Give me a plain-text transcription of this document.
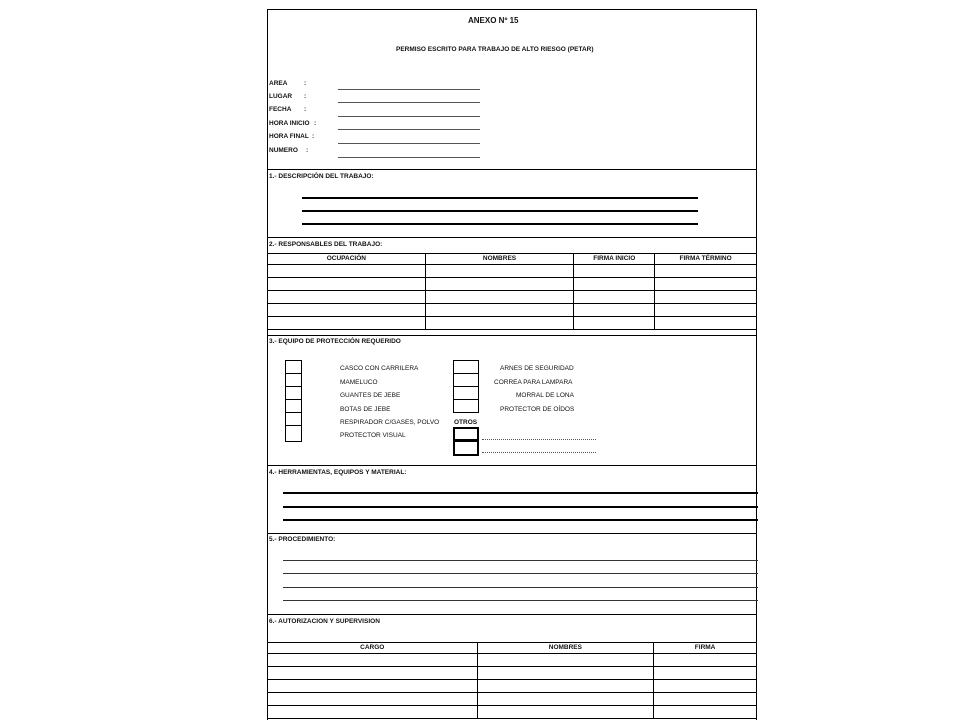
ANEXO Nº 15
PERMISO ESCRITO PARA TRABAJO DE ALTO RIESGO (PETAR)
AREA	:
LUGAR :
FECHA :
HORA INICIO :
HORA FINAL :
NUMERO :
1.- DESCRIPCIÓN DEL TRABAJO:
2.- RESPONSABLES DEL TRABAJO:
OCUPACIÓN	NOMBRES	FIRMA INICIO	FIRMA TÉRMINO

3.- EQUIPO DE PROTECCIÓN REQUERIDO
CASCO CON CARRILERA
MAMELUCO
GUANTES DE JEBE
BOTAS DE JEBE
RESPIRADOR C/GASES, POLVO
PROTECTOR VISUAL
ARNES DE SEGURIDAD
CORREA PARA LAMPARA
MORRAL DE LONA
PROTECTOR DE OÍDOS
OTROS
4.- HERRAMIENTAS, EQUIPOS Y MATERIAL:
5.- PROCEDIMIENTO:
6.- AUTORIZACION Y SUPERVISION
CARGO	NOMBRES	FIRMA
